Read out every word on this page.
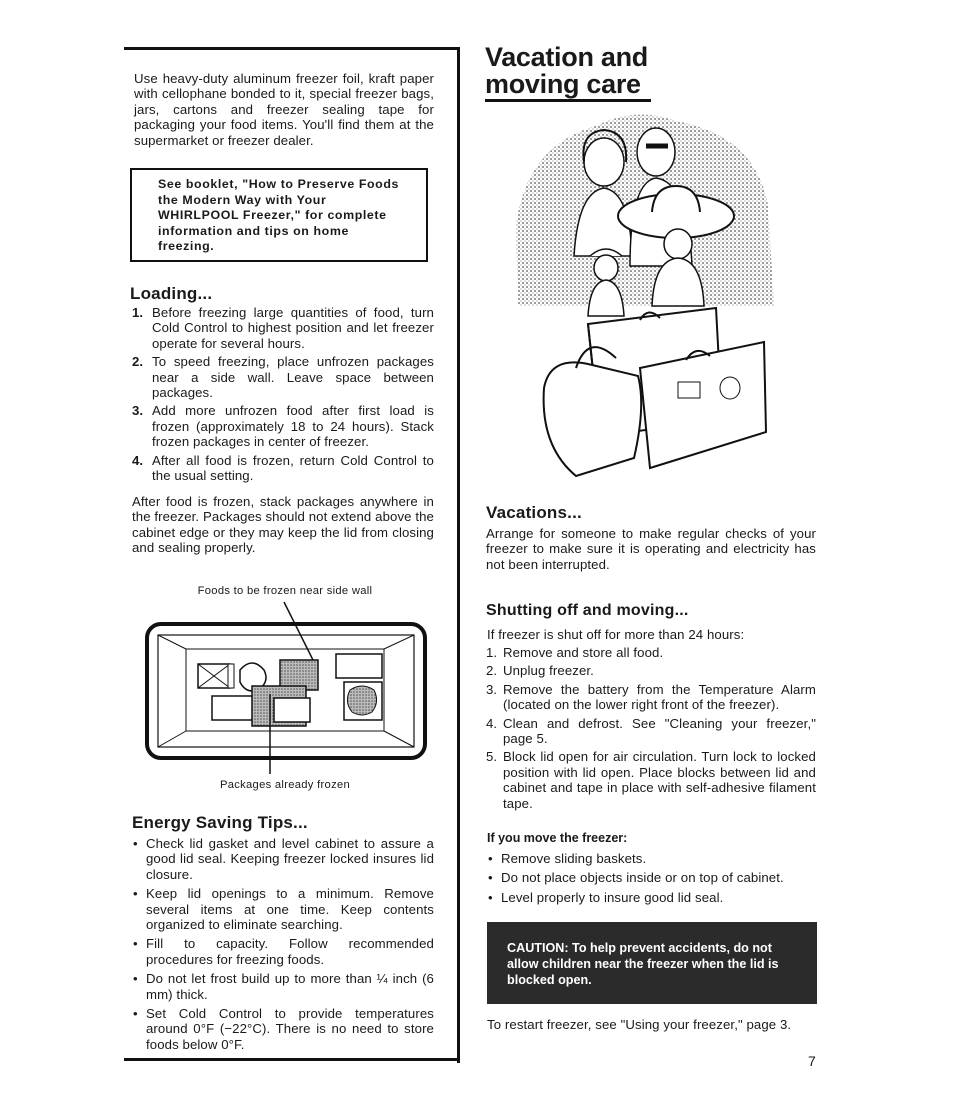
Use heavy-duty aluminum freezer foil, kraft paper with cellophane bonded to it, special freezer bags, jars, cartons and freezer sealing tape for packaging your food items. You'll find them at the supermarket or freezer dealer.
See booklet, "How to Preserve Foods the Modern Way with Your WHIRLPOOL Freezer," for complete information and tips on home freezing.
Loading...
1. Before freezing large quantities of food, turn Cold Control to highest position and let freezer operate for several hours.
2. To speed freezing, place unfrozen packages near a side wall. Leave space between packages.
3. Add more unfrozen food after first load is frozen (approximately 18 to 24 hours). Stack frozen packages in center of freezer.
4. After all food is frozen, return Cold Control to the usual setting.
After food is frozen, stack packages anywhere in the freezer. Packages should not extend above the cabinet edge or they may keep the lid from closing and sealing properly.
Foods to be frozen near side wall
Packages already frozen
Energy Saving Tips...
• Check lid gasket and level cabinet to assure a good lid seal. Keeping freezer locked insures lid closure.
• Keep lid openings to a minimum. Remove several items at one time. Keep contents organized to eliminate searching.
• Fill to capacity. Follow recommended procedures for freezing foods.
• Do not let frost build up to more than ¼ inch (6 mm) thick.
• Set Cold Control to provide temperatures around 0°F (−22°C). There is no need to store foods below 0°F.
Vacation and
moving care
Vacations...
Arrange for someone to make regular checks of your freezer to make sure it is operating and electricity has not been interrupted.
Shutting off and moving...
If freezer is shut off for more than 24 hours:
1. Remove and store all food.
2. Unplug freezer.
3. Remove the battery from the Temperature Alarm (located on the lower right front of the freezer).
4. Clean and defrost. See "Cleaning your freezer," page 5.
5. Block lid open for air circulation. Turn lock to locked position with lid open. Place blocks between lid and cabinet and tape in place with self-adhesive filament tape.
If you move the freezer:
• Remove sliding baskets.
• Do not place objects inside or on top of cabinet.
• Level properly to insure good lid seal.
CAUTION: To help prevent accidents, do not allow children near the freezer when the lid is blocked open.
To restart freezer, see "Using your freezer," page 3.
7
